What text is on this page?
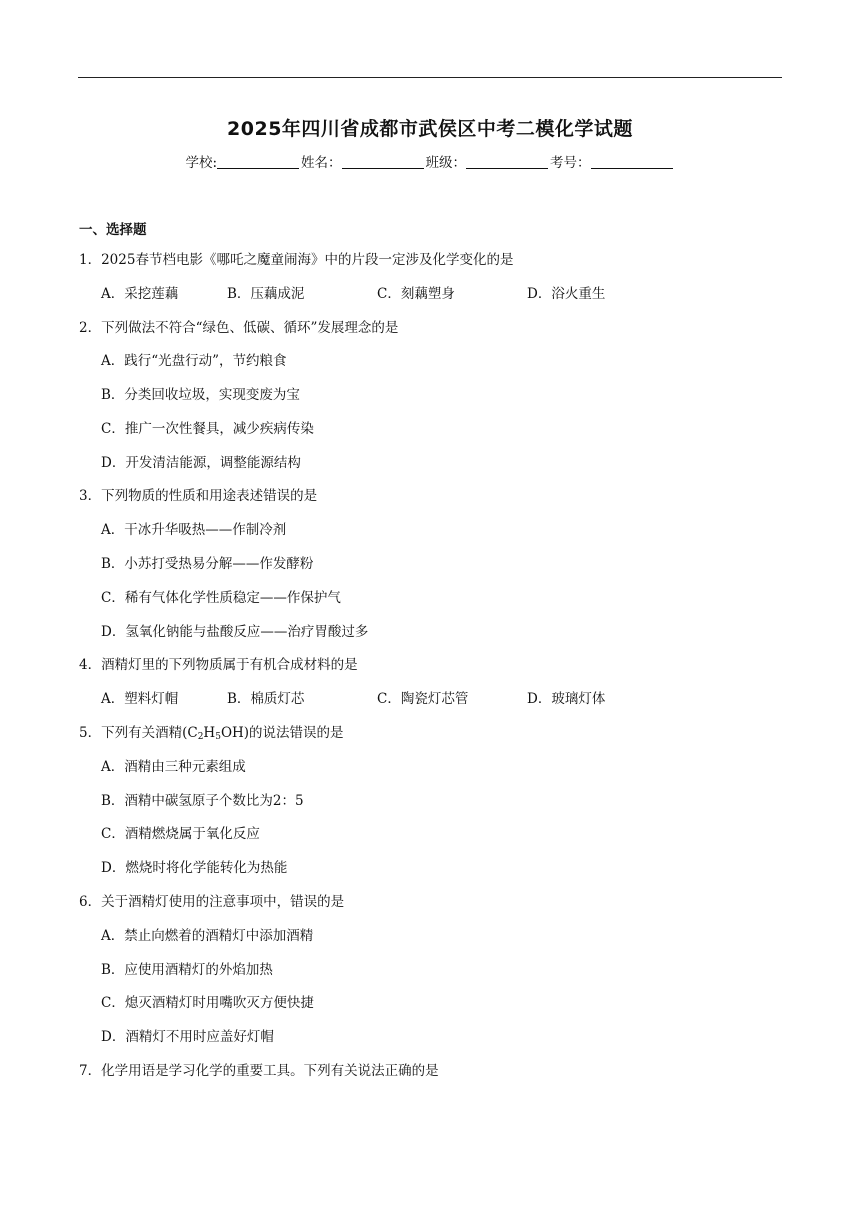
2025年四川省成都市武侯区中考二模化学试题
学校:	姓名：	班级：	考号：
一、选择题
1．2025春节档电影《哪吒之魔童闹海》中的片段一定涉及化学变化的是
A．采挖莲藕	B．压藕成泥	C．刻藕塑身	D．浴火重生
2．下列做法不符合“绿色、低碳、循环”发展理念的是
A．践行“光盘行动”，节约粮食
B．分类回收垃圾，实现变废为宝
C．推广一次性餐具，减少疾病传染
D．开发清洁能源，调整能源结构
3．下列物质的性质和用途表述错误的是
A．干冰升华吸热——作制冷剂
B．小苏打受热易分解——作发酵粉
C．稀有气体化学性质稳定——作保护气
D．氢氧化钠能与盐酸反应——治疗胃酸过多
4．酒精灯里的下列物质属于有机合成材料的是
A．塑料灯帽	B．棉质灯芯	C．陶瓷灯芯管	D．玻璃灯体
5．下列有关酒精$(C_2H_5OH)$的说法错误的是
A．酒精由三种元素组成
B．酒精中碳氢原子个数比为2：5
C．酒精燃烧属于氧化反应
D．燃烧时将化学能转化为热能
6．关于酒精灯使用的注意事项中，错误的是
A．禁止向燃着的酒精灯中添加酒精
B．应使用酒精灯的外焰加热
C．熄灭酒精灯时用嘴吹灭方便快捷
D．酒精灯不用时应盖好灯帽
7．化学用语是学习化学的重要工具。下列有关说法正确的是
